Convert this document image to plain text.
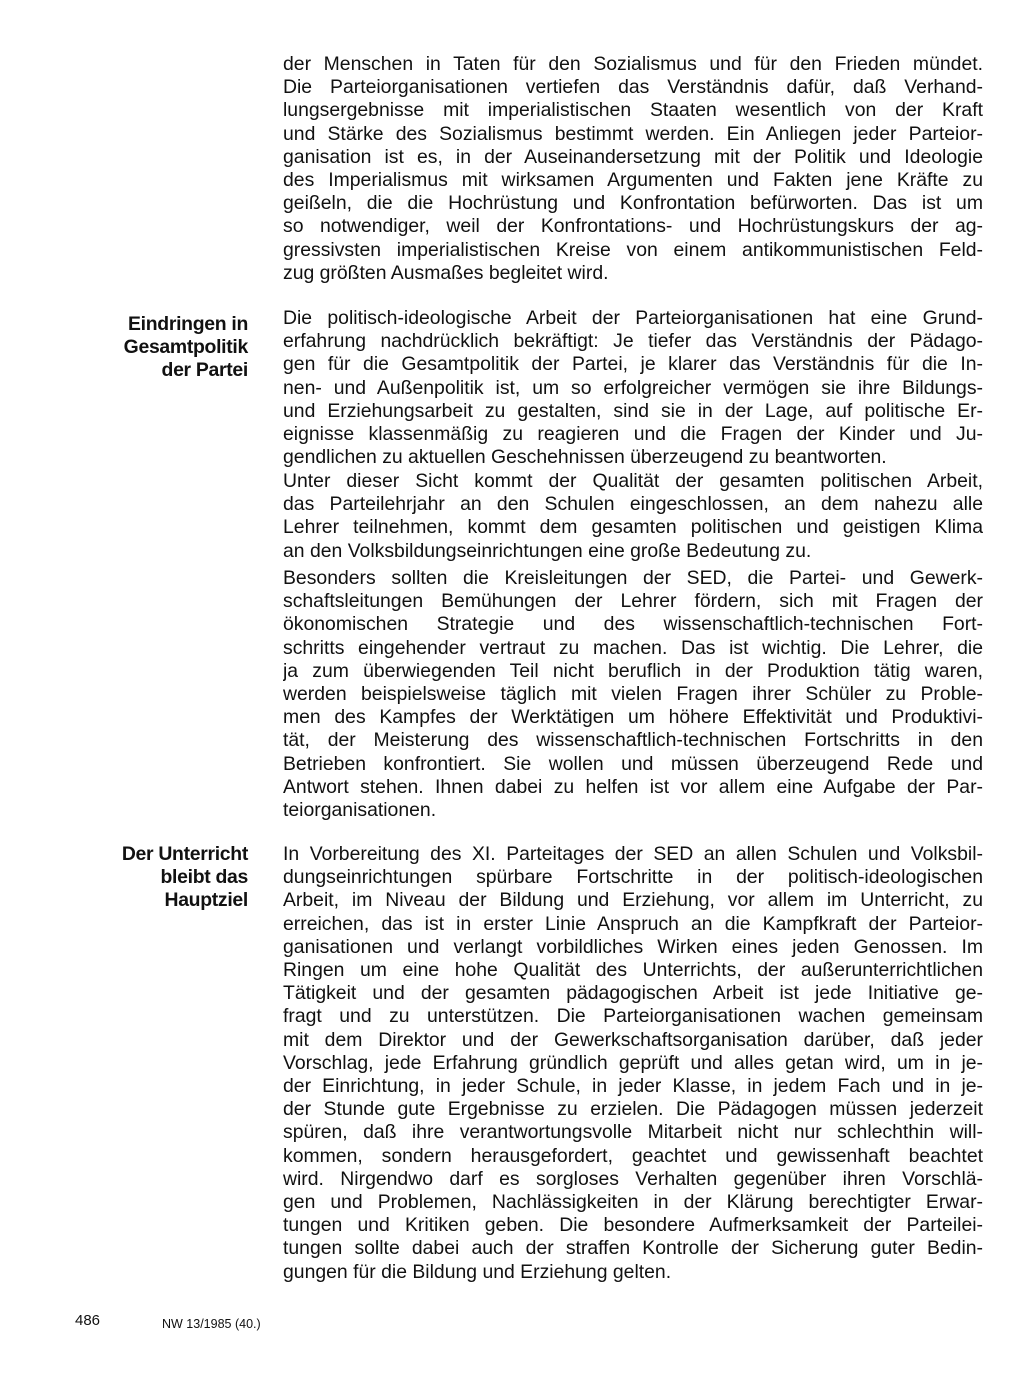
der Menschen in Taten für den Sozialismus und für den Frieden mündet.
Die Parteiorganisationen vertiefen das Verständnis dafür, daß Verhand-
lungsergebnisse mit imperialistischen Staaten wesentlich von der Kraft
und Stärke des Sozialismus bestimmt werden. Ein Anliegen jeder Parteior-
ganisation ist es, in der Auseinandersetzung mit der Politik und Ideologie
des Imperialismus mit wirksamen Argumenten und Fakten jene Kräfte zu
geißeln, die die Hochrüstung und Konfrontation befürworten. Das ist um
so notwendiger, weil der Konfrontations- und Hochrüstungskurs der ag-
gressivsten imperialistischen Kreise von einem antikommunistischen Feld-
zug größten Ausmaßes begleitet wird.
Eindringen in
Gesamtpolitik
der Partei
Die politisch-ideologische Arbeit der Parteiorganisationen hat eine Grund-
erfahrung nachdrücklich bekräftigt: Je tiefer das Verständnis der Pädago-
gen für die Gesamtpolitik der Partei, je klarer das Verständnis für die In-
nen- und Außenpolitik ist, um so erfolgreicher vermögen sie ihre Bildungs-
und Erziehungsarbeit zu gestalten, sind sie in der Lage, auf politische Er-
eignisse klassenmäßig zu reagieren und die Fragen der Kinder und Ju-
gendlichen zu aktuellen Geschehnissen überzeugend zu beantworten.
Unter dieser Sicht kommt der Qualität der gesamten politischen Arbeit,
das Parteilehrjahr an den Schulen eingeschlossen, an dem nahezu alle
Lehrer teilnehmen, kommt dem gesamten politischen und geistigen Klima
an den Volksbildungseinrichtungen eine große Bedeutung zu.
Besonders sollten die Kreisleitungen der SED, die Partei- und Gewerk-
schaftsleitungen Bemühungen der Lehrer fördern, sich mit Fragen der
ökonomischen Strategie und des wissenschaftlich-technischen Fort-
schritts eingehender vertraut zu machen. Das ist wichtig. Die Lehrer, die
ja zum überwiegenden Teil nicht beruflich in der Produktion tätig waren,
werden beispielsweise täglich mit vielen Fragen ihrer Schüler zu Proble-
men des Kampfes der Werktätigen um höhere Effektivität und Produktivi-
tät, der Meisterung des wissenschaftlich-technischen Fortschritts in den
Betrieben konfrontiert. Sie wollen und müssen überzeugend Rede und
Antwort stehen. Ihnen dabei zu helfen ist vor allem eine Aufgabe der Par-
teiorganisationen.
Der Unterricht
bleibt das
Hauptziel
In Vorbereitung des XI. Parteitages der SED an allen Schulen und Volksbil-
dungseinrichtungen spürbare Fortschritte in der politisch-ideologischen
Arbeit, im Niveau der Bildung und Erziehung, vor allem im Unterricht, zu
erreichen, das ist in erster Linie Anspruch an die Kampfkraft der Parteior-
ganisationen und verlangt vorbildliches Wirken eines jeden Genossen. Im
Ringen um eine hohe Qualität des Unterrichts, der außerunterrichtlichen
Tätigkeit und der gesamten pädagogischen Arbeit ist jede Initiative ge-
fragt und zu unterstützen. Die Parteiorganisationen wachen gemeinsam
mit dem Direktor und der Gewerkschaftsorganisation darüber, daß jeder
Vorschlag, jede Erfahrung gründlich geprüft und alles getan wird, um in je-
der Einrichtung, in jeder Schule, in jeder Klasse, in jedem Fach und in je-
der Stunde gute Ergebnisse zu erzielen. Die Pädagogen müssen jederzeit
spüren, daß ihre verantwortungsvolle Mitarbeit nicht nur schlechthin will-
kommen, sondern herausgefordert, geachtet und gewissenhaft beachtet
wird. Nirgendwo darf es sorgloses Verhalten gegenüber ihren Vorschlä-
gen und Problemen, Nachlässigkeiten in der Klärung berechtigter Erwar-
tungen und Kritiken geben. Die besondere Aufmerksamkeit der Parteilei-
tungen sollte dabei auch der straffen Kontrolle der Sicherung guter Bedin-
gungen für die Bildung und Erziehung gelten.
486	NW 13/1985 (40.)
